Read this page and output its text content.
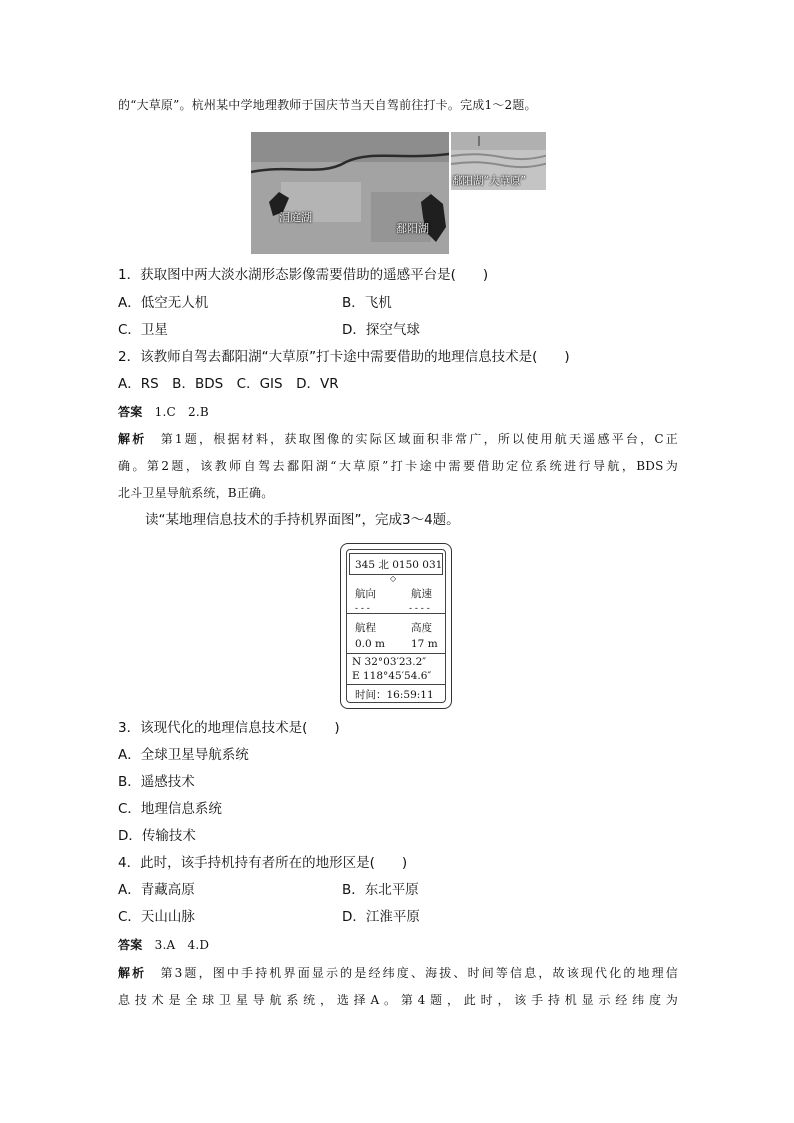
的“大草原”。杭州某中学地理教师于国庆节当天自驾前往打卡。完成1～2题。
洞庭湖
鄱阳湖
鄱阳湖“大草原”
1．获取图中两大淡水湖形态影像需要借助的遥感平台是(　　)
A．低空无人机	B．飞机
C．卫星	D．探空气球
2．该教师自驾去鄱阳湖“大草原”打卡途中需要借助的地理信息技术是(　　)
A．RS　B．BDS　C．GIS　D．VR
答案　1.C　2.B
解析　第1题，根据材料，获取图像的实际区域面积非常广，所以使用航天遥感平台，C正
确。第2题，该教师自驾去鄱阳湖“大草原”打卡途中需要借助定位系统进行导航，BDS为
北斗卫星导航系统，B正确。
读“某地理信息技术的手持机界面图”，完成3～4题。
345 北 0150 031
◇
航向	航速
- - -	- - - -
航程	高度
0.0 m 17 m
N 32°03′23.2″
E 118°45′54.6″
时间：16:59:11
3．该现代化的地理信息技术是(　　)
A．全球卫星导航系统
B．遥感技术
C．地理信息系统
D．传输技术
4．此时，该手持机持有者所在的地形区是(　　)
A．青藏高原	B．东北平原
C．天山山脉	D．江淮平原
答案　3.A　4.D
解析　第3题，图中手持机界面显示的是经纬度、海拔、时间等信息，故该现代化的地理信
息技术是全球卫星导航系统，选择A。第4题，此时，该手持机显示经纬度为
